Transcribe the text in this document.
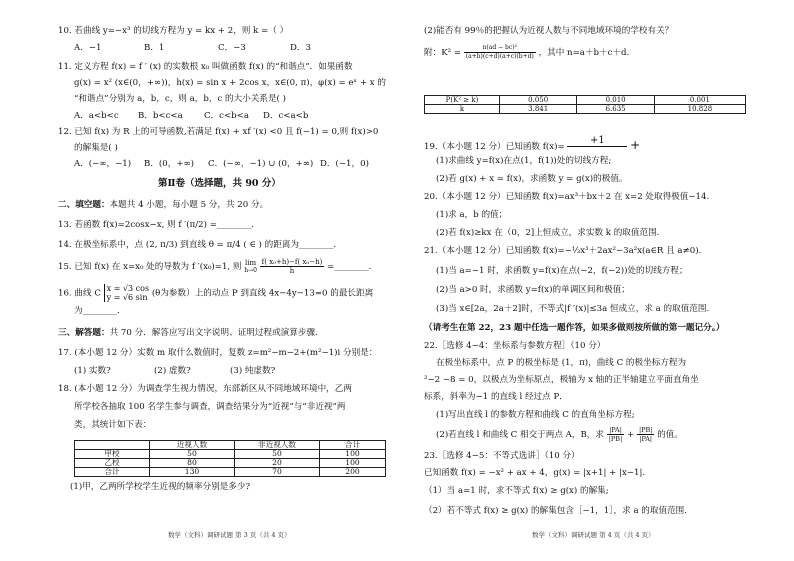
10. 若曲线 y=−x³ 的切线方程为 y = kx + 2，则 k =（ ）
A．−1	B．1	C．−3	D．3
11. 定义方程 f(x) = f ′ (x) 的实数根 x₀ 叫做函数 f(x) 的“和谐点”．如果函数
g(x) = x² (x∈(0，+∞))，h(x) = sin x + 2cos x，x∈(0, π)，φ(x) = eˣ + x 的
“和谐点”分别为 a，b，c，则 a，b，c 的大小关系是( )
A．a<b<c B．b<c<a C．c<b<a D．c<a<b
12. 已知 f(x) 为 R 上的可导函数,若满足 f(x) + xf ′(x) <0 且 f(−1) = 0,则 f(x)>0
的解集是( )
A．(−∞，−1) B．(0，+∞) C．(−∞，−1) ∪ (0，+∞) D．(−1，0)
第Ⅱ卷（选择题，共 90 分）
二、填空题：本题共 4 小题，每小题 5 分，共 20 分。
13. 若函数 f(x)=2cosx−x, 则 f ′(π/2) =________.
14. 在极坐标系中，点 (2, π/3) 到直线 θ = π/4 ( ∈ ) 的距离为________．
15. 已知 f(x) 在 x=x₀ 处的导数为 f ′(x₀)=1, 则 lim
h→0
$\frac{\text{f( x₀+h)−f( x₀−h)}}{h}$ =________.
16. 曲线 C x = √3 cos
y = √6 sin (θ为参数）上的动点 P 到直线 4x−4y−13=0 的最长距离
为________．
三、解答题：共 70 分．解答应写出文字说明、证明过程或演算步骤．
17. (本小题 12 分）实数 m 取什么数值时，复数 z=m²−m−2+(m²−1)i 分别是：
(1) 实数?	(2) 虚数?	(3) 纯虚数?
18. (本小题 12 分）为调查学生视力情况，东部新区从不同地域环境中，乙两
所学校各抽取 100 名学生参与调查，调查结果分为“近视”与“非近视”两
类，其统计如下表：
	近视人数	非近视人数	合计
甲校	50	50	100
乙校	80	20	100
合计	130	70	200
(1)甲，乙两所学校学生近视的频率分别是多少?
数学（文科）调研试题 第 3 页（共 4 页）
(2)能否有 99％的把握认为近视人数与不同地域环境的学校有关？
附：$K^2 = \frac{\text{n(ad − bc)²}}{(a+b)(c+d)(a+c)(b+d)}$ ，其中 n=a＋b＋c＋d.
P(K² ≥ k)	0.050	0.010	0.001
k	3.841	6.635	10.828
19.（本小题 12 分）已知函数 f(x)=
+1
	+
(1)求曲线 y=f(x)在点(1，f(1))处的切线方程;
(2)若 g(x) + x = f(x)，求函数 y = g(x)的极值。
20.（本小题 12 分）已知函数 f(x)=ax³＋bx＋2 在 x=2 处取得极值−14.
(1)求 a，b 的值；
(2)若 f(x)≥kx 在（0，2]上恒成立，求实数 k 的取值范围.
21.（本小题 12 分）已知函数 f(x)=−⅓x³＋2ax²−3a²x(a∈R 且 a≠0).
(1)当 a=−1 时，求函数 y=f(x)在点(−2，f(−2))处的切线方程；
(2)当 a>0 时，求函数 y=f(x)的单调区间和极值；
(3)当 x∈[2a，2a＋2]时，不等式|f ′(x)|≤3a 恒成立，求 a 的取值范围.
（请考生在第 22，23 题中任选一题作答，如果多做则按所做的第一题记分。）
22.［选修 4−4：坐标系与参数方程］（10 分）
在极坐标系中，点 P 的极坐标是 (1，π)，曲线 C 的极坐标方程为
²−2 −8 = 0，以极点为坐标原点，极轴为 x 轴的正半轴建立平面直角坐
标系，斜率为−1 的直线 l 经过点 P．
(1)写出直线 l 的参数方程和曲线 C 的直角坐标方程;
(2)若直线 l 和曲线 C 相交于两点 A，B，求 $\frac{|PA|}{|PB|} + \frac{|PB|}{|PA|}$ 的值。
23.［选修 4−5：不等式选讲］（10 分）
已知函数 f(x) = −x² + ax + 4，g(x) = |x+1| + |x−1|.
（1）当 a=1 时，求不等式 f(x) ≥ g(x) 的解集;
（2）若不等式 f(x) ≥ g(x) 的解集包含［−1，1］，求 a 的取值范围.
数学（文科）调研试题 第 4 页（共 4 页）
